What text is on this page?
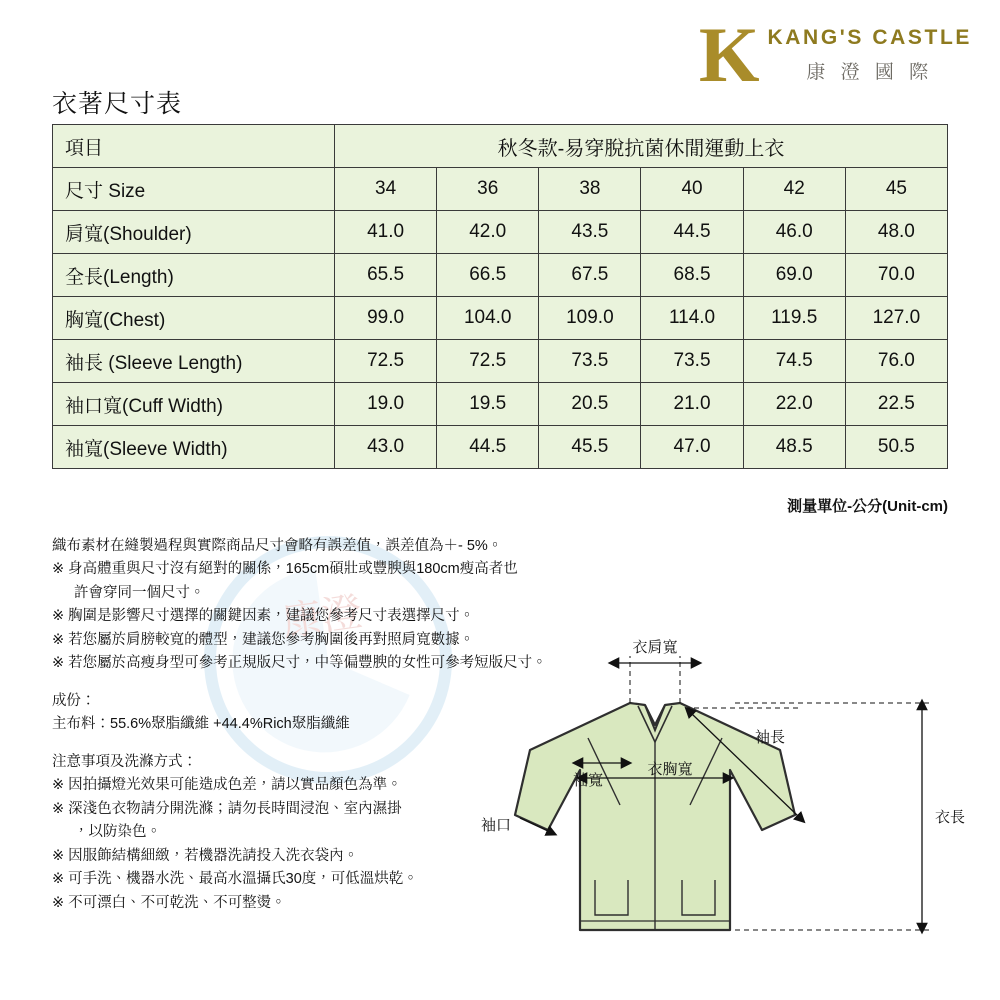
K KANG'S CASTLE
康 澄 國 際
衣著尺寸表
項目	秋冬款-易穿脫抗菌休閒運動上衣					
尺寸 Size	34	36	38	40	42	45
肩寬(Shoulder)	41.0	42.0	43.5	44.5	46.0	48.0
全長(Length)	65.5	66.5	67.5	68.5	69.0	70.0
胸寬(Chest)	99.0	104.0	109.0	114.0	119.5	127.0
袖長 (Sleeve Length)	72.5	72.5	73.5	73.5	74.5	76.0
袖口寬(Cuff Width)	19.0	19.5	20.5	21.0	22.0	22.5
袖寬(Sleeve Width)	43.0	44.5	45.5	47.0	48.5	50.5
測量單位-公分(Unit-cm)
康澄

織布素材在縫製過程與實際商品尺寸會略有誤差值，誤差值為＋- 5%。

※ 身高體重與尺寸沒有絕對的關係，165cm碩壯或豐腴與180cm瘦高者也

許會穿同一個尺寸。

※ 胸圍是影響尺寸選擇的關鍵因素，建議您參考尺寸表選擇尺寸。

※ 若您屬於肩膀較寬的體型，建議您參考胸圍後再對照肩寬數據。

※ 若您屬於高瘦身型可參考正規版尺寸，中等偏豐腴的女性可參考短版尺寸。

成份：

主布料：55.6%聚脂纖維 +44.4%Rich聚脂纖維

注意事項及洗滌方式：

※ 因拍攝燈光效果可能造成色差，請以實品顏色為準。

※ 深淺色衣物請分開洗滌；請勿長時間浸泡、室內濕掛

，以防染色。

※ 因服飾結構細緻，若機器洗請投入洗衣袋內。

※ 可手洗、機器水洗、最高水溫攝氏30度，可低溫烘乾。

※ 不可漂白、不可乾洗、不可整燙。

衣肩寬
袖長
袖寬
衣胸寬
袖口	衣長
